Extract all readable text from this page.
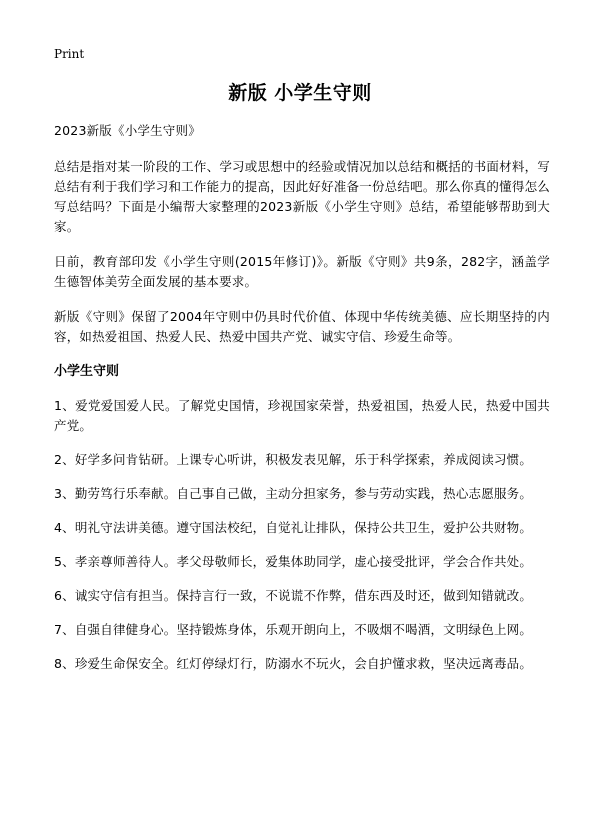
Print
新版 小学生守则

2023新版《小学生守则》

总结是指对某一阶段的工作、学习或思想中的经验或情况加以总结和概括的书面材料，写总结有利于我们学习和工作能力的提高，因此好好准备一份总结吧。那么你真的懂得怎么写总结吗？下面是小编帮大家整理的2023新版《小学生守则》总结，希望能够帮助到大家。

日前，教育部印发《小学生守则(2015年修订)》。新版《守则》共9条，282字，涵盖学生德智体美劳全面发展的基本要求。

新版《守则》保留了2004年守则中仍具时代价值、体现中华传统美德、应长期坚持的内容，如热爱祖国、热爱人民、热爱中国共产党、诚实守信、珍爱生命等。

小学生守则

1、爱党爱国爱人民。了解党史国情，珍视国家荣誉，热爱祖国，热爱人民，热爱中国共产党。

2、好学多问肯钻研。上课专心听讲，积极发表见解，乐于科学探索，养成阅读习惯。

3、勤劳笃行乐奉献。自己事自己做，主动分担家务，参与劳动实践，热心志愿服务。

4、明礼守法讲美德。遵守国法校纪，自觉礼让排队，保持公共卫生，爱护公共财物。

5、孝亲尊师善待人。孝父母敬师长，爱集体助同学，虚心接受批评，学会合作共处。

6、诚实守信有担当。保持言行一致，不说谎不作弊，借东西及时还，做到知错就改。

7、自强自律健身心。坚持锻炼身体，乐观开朗向上，不吸烟不喝酒，文明绿色上网。

8、珍爱生命保安全。红灯停绿灯行，防溺水不玩火，会自护懂求救，坚决远离毒品。
